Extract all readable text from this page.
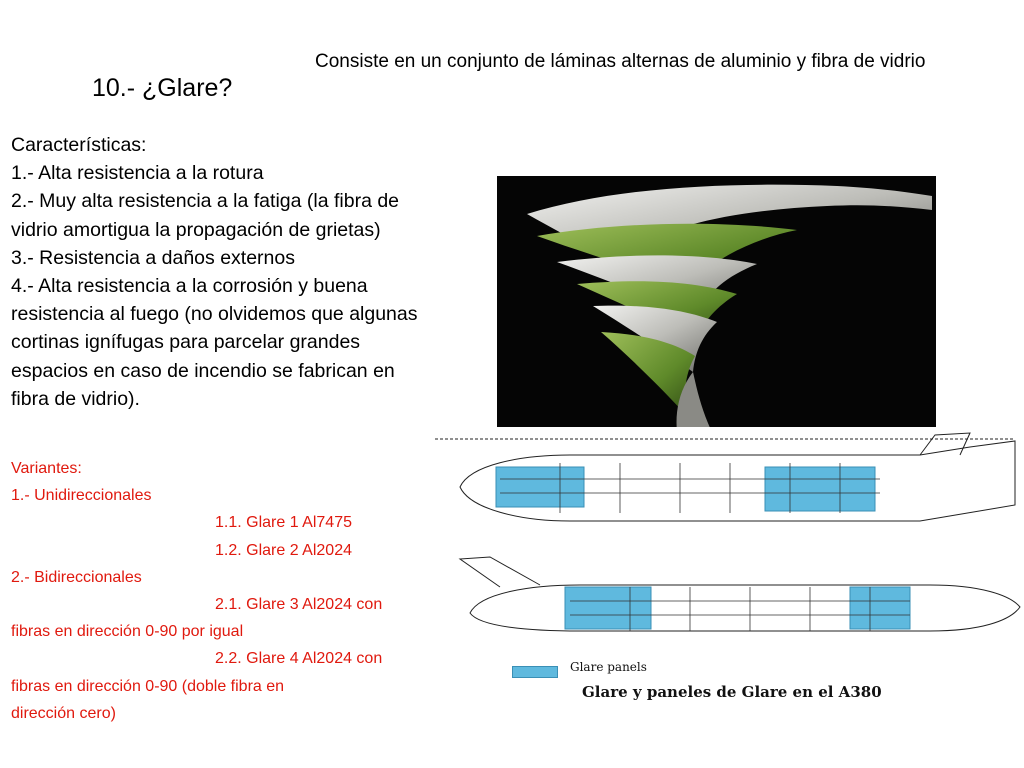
10.- ¿Glare?
Consiste en un conjunto de láminas alternas de aluminio y fibra de vidrio
Características:
1.- Alta resistencia a la rotura
2.- Muy alta resistencia a la fatiga (la fibra de
vidrio amortigua la propagación de grietas)
3.- Resistencia a daños externos
4.- Alta resistencia a la corrosión y buena
resistencia al fuego (no olvidemos que algunas
cortinas ignífugas para parcelar grandes
espacios en caso de incendio se fabrican en
fibra de vidrio).
Glare panels
Glare y paneles de Glare en el A380
Variantes:
1.- Unidireccionales
1.1. Glare 1 Al7475
1.2. Glare 2 Al2024
2.- Bidireccionales
2.1. Glare 3 Al2024 con
fibras en dirección 0-90 por igual
2.2. Glare 4 Al2024 con
fibras en dirección 0-90 (doble fibra en
dirección cero)
